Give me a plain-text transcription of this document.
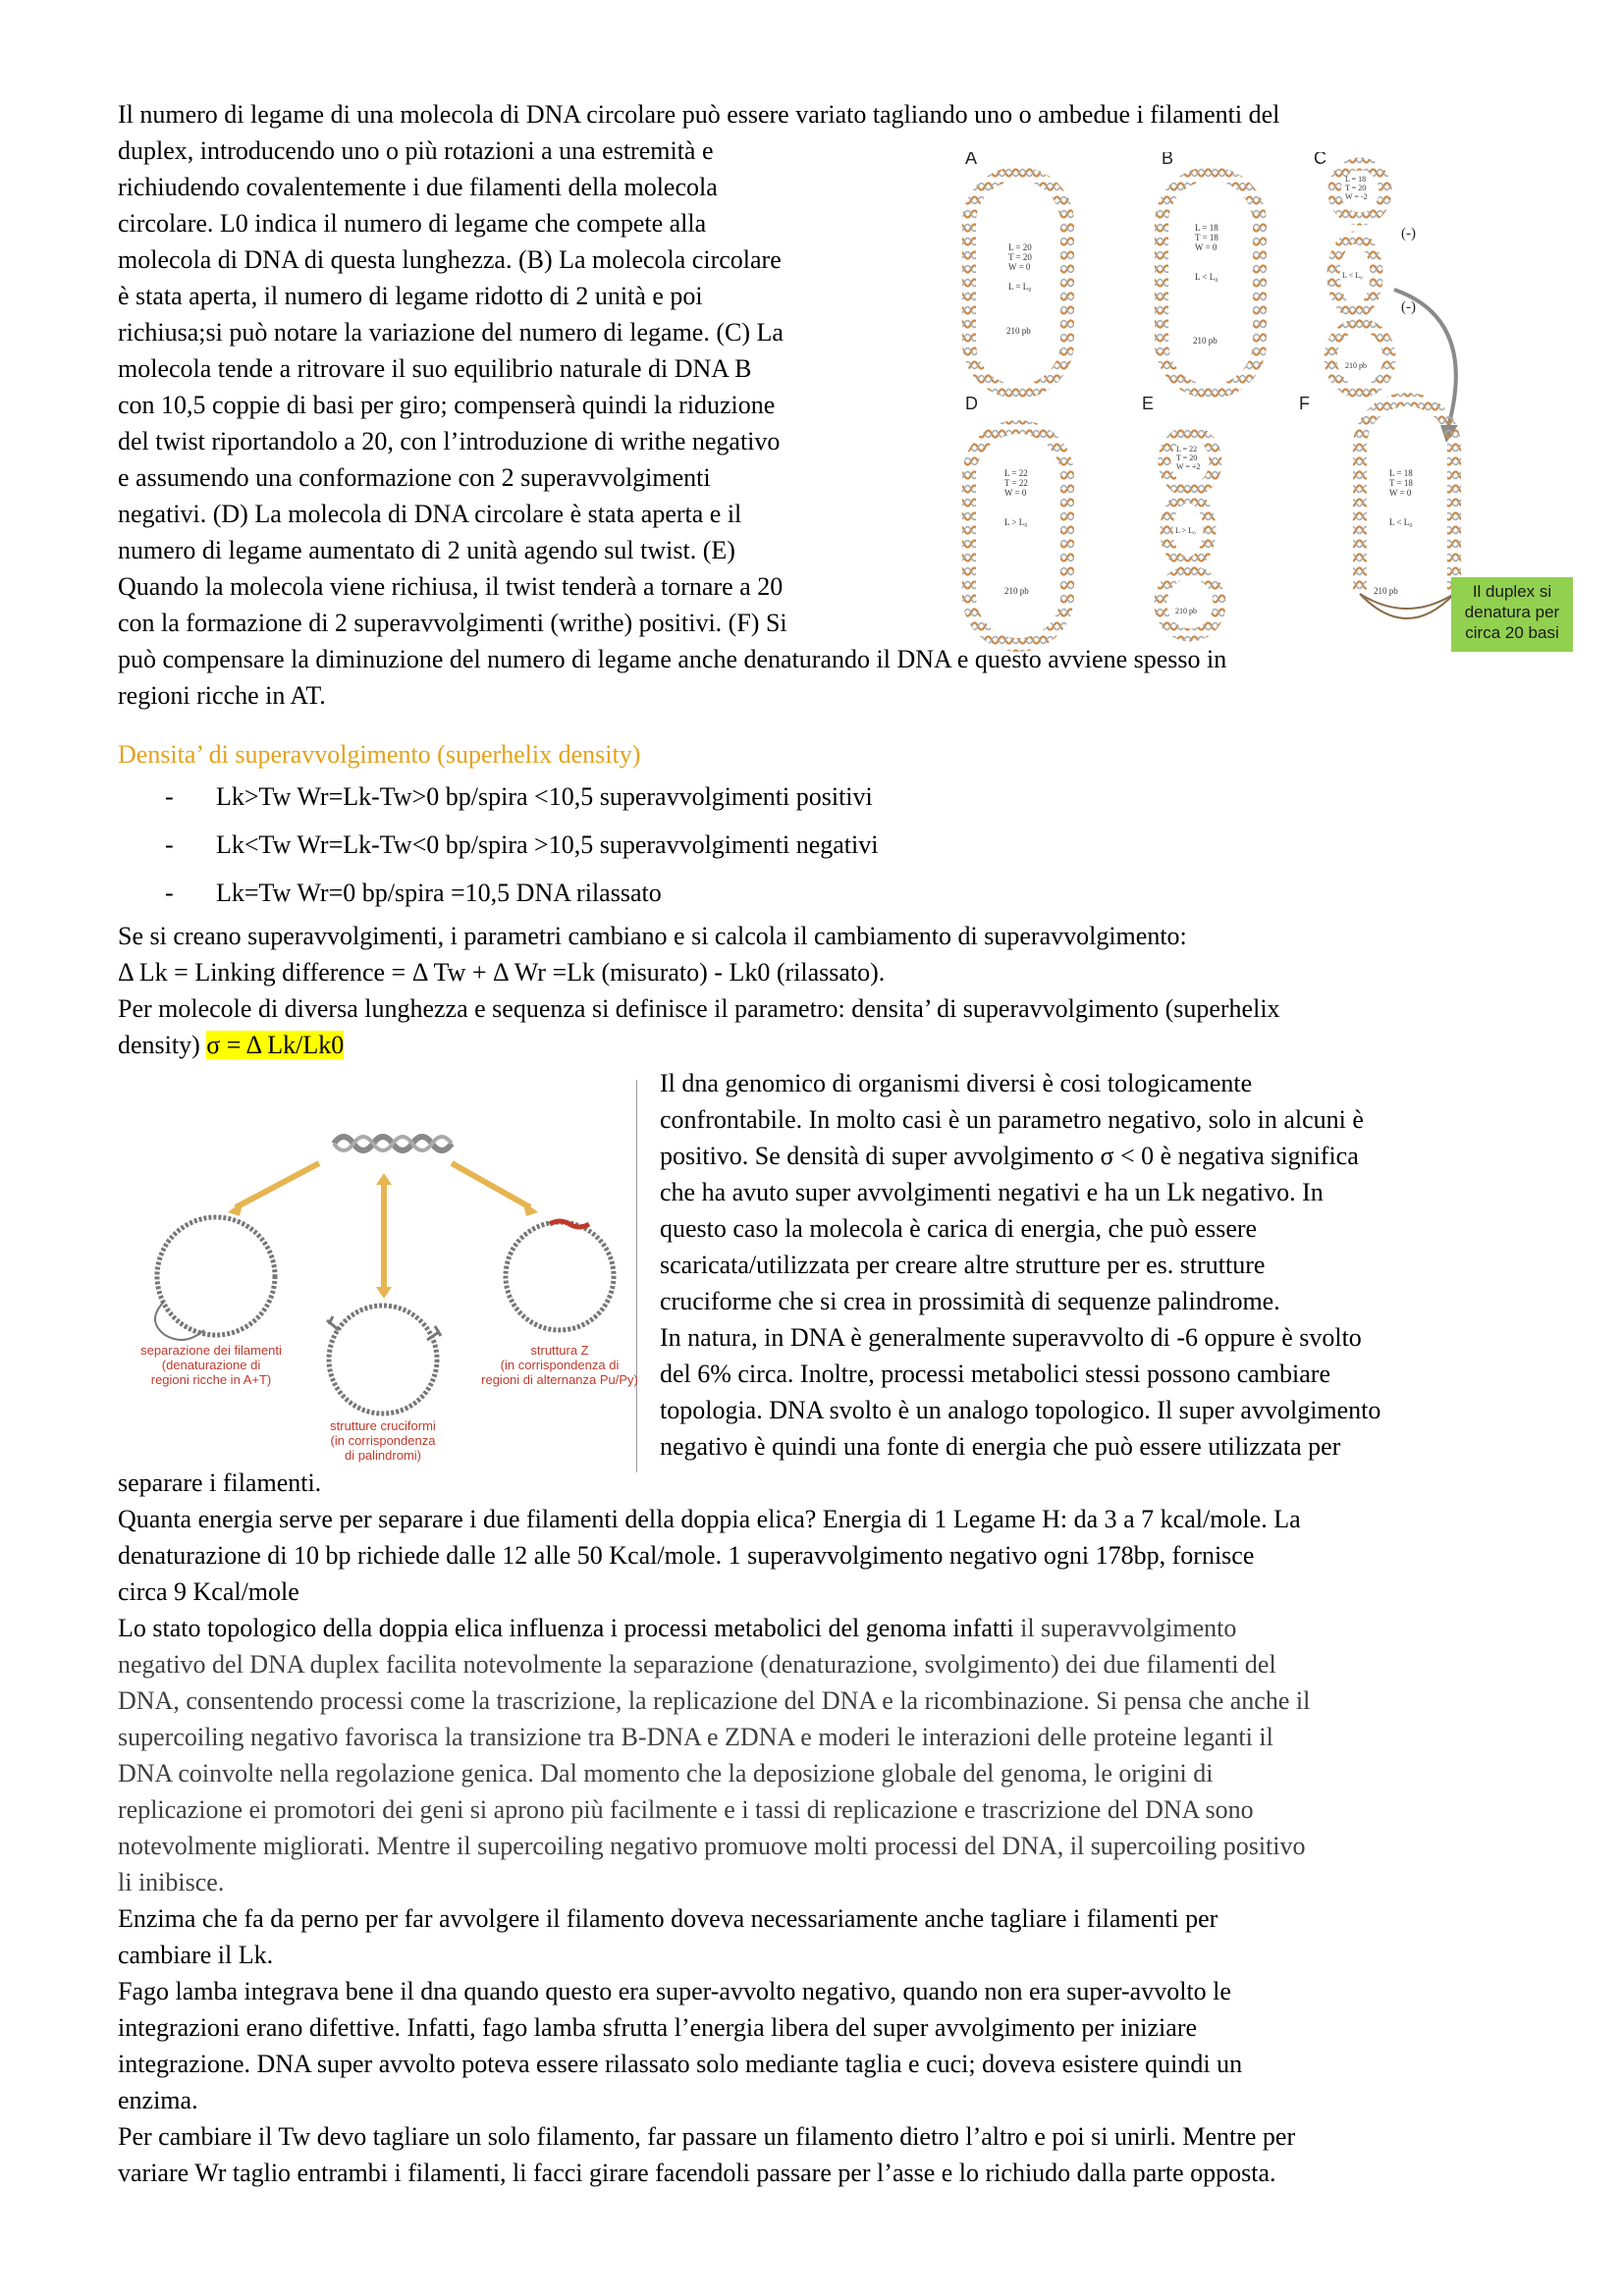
Il numero di legame di una molecola di DNA circolare può essere variato tagliando uno o ambedue i filamenti del
duplex, introducendo uno o più rotazioni a una estremità e
richiudendo covalentemente i due filamenti della molecola
circolare. L0 indica il numero di legame che compete alla
molecola di DNA di questa lunghezza. (B) La molecola circolare
è stata aperta, il numero di legame ridotto di 2 unità e poi
richiusa;si può notare la variazione del numero di legame. (C) La
molecola tende a ritrovare il suo equilibrio naturale di DNA B
con 10,5 coppie di basi per giro; compenserà quindi la riduzione
del twist riportandolo a 20, con l’introduzione di writhe negativo
e assumendo una conformazione con 2 superavvolgimenti
negativi. (D) La molecola di DNA circolare è stata aperta e il
numero di legame aumentato di 2 unità agendo sul twist. (E)
Quando la molecola viene richiusa, il twist tenderà a tornare a 20
con la formazione di 2 superavvolgimenti (writhe) positivi. (F) Si
può compensare la diminuzione del numero di legame anche denaturando il DNA e questo avviene spesso in
regioni ricche in AT.
A	B	C
D	E	F
L = 20
T = 20
W = 0
L = L₀
210 pb
L = 18
T = 18
W = 0
L < L₀
210 pb
L = 18
T = 20
W = -2
L < L₀
210 pb
(-)
(-)
L = 22
T = 22
W = 0
L > L₀
210 pb
L = 22
T = 20
W = +2
L > L₀
210 pb
L = 18
T = 18
W = 0
L < L₀
210 pb	Il duplex si
denatura per
circa 20 basi
Densita’ di superavvolgimento (superhelix density)
- Lk>Tw Wr=Lk-Tw>0 bp/spira <10,5 superavvolgimenti positivi
- Lk<Tw Wr=Lk-Tw<0 bp/spira >10,5 superavvolgimenti negativi
- Lk=Tw Wr=0 bp/spira =10,5 DNA rilassato
Se si creano superavvolgimenti, i parametri cambiano e si calcola il cambiamento di superavvolgimento:
Δ Lk = Linking difference = Δ Tw + Δ Wr =Lk (misurato) - Lk0 (rilassato).
Per molecole di diversa lunghezza e sequenza si definisce il parametro: densita’ di superavvolgimento (superhelix
density) σ = Δ Lk/Lk0
separazione dei filamenti
(denaturazione di
regioni ricche in A+T)
struttura Z
(in corrispondenza di
regioni di alternanza Pu/Py)
strutture cruciformi
(in corrispondenza
di palindromi)
Il dna genomico di organismi diversi è cosi tologicamente
confrontabile. In molto casi è un parametro negativo, solo in alcuni è
positivo. Se densità di super avvolgimento σ < 0 è negativa significa
che ha avuto super avvolgimenti negativi e ha un Lk negativo. In
questo caso la molecola è carica di energia, che può essere
scaricata/utilizzata per creare altre strutture per es. strutture
cruciforme che si crea in prossimità di sequenze palindrome.
In natura, in DNA è generalmente superavvolto di -6 oppure è svolto
del 6% circa. Inoltre, processi metabolici stessi possono cambiare
topologia. DNA svolto è un analogo topologico. Il super avvolgimento
negativo è quindi una fonte di energia che può essere utilizzata per
separare i filamenti.
Quanta energia serve per separare i due filamenti della doppia elica? Energia di 1 Legame H: da 3 a 7 kcal/mole. La
denaturazione di 10 bp richiede dalle 12 alle 50 Kcal/mole. 1 superavvolgimento negativo ogni 178bp, fornisce
circa 9 Kcal/mole
Lo stato topologico della doppia elica influenza i processi metabolici del genoma infatti il superavvolgimento
negativo del DNA duplex facilita notevolmente la separazione (denaturazione, svolgimento) dei due filamenti del
DNA, consentendo processi come la trascrizione, la replicazione del DNA e la ricombinazione. Si pensa che anche il
supercoiling negativo favorisca la transizione tra B-DNA e ZDNA e moderi le interazioni delle proteine leganti il
DNA coinvolte nella regolazione genica. Dal momento che la deposizione globale del genoma, le origini di
replicazione ei promotori dei geni si aprono più facilmente e i tassi di replicazione e trascrizione del DNA sono
notevolmente migliorati. Mentre il supercoiling negativo promuove molti processi del DNA, il supercoiling positivo
li inibisce.
Enzima che fa da perno per far avvolgere il filamento doveva necessariamente anche tagliare i filamenti per
cambiare il Lk.
Fago lamba integrava bene il dna quando questo era super-avvolto negativo, quando non era super-avvolto le
integrazioni erano difettive. Infatti, fago lamba sfrutta l’energia libera del super avvolgimento per iniziare
integrazione. DNA super avvolto poteva essere rilassato solo mediante taglia e cuci; doveva esistere quindi un
enzima.
Per cambiare il Tw devo tagliare un solo filamento, far passare un filamento dietro l’altro e poi si unirli. Mentre per
variare Wr taglio entrambi i filamenti, li facci girare facendoli passare per l’asse e lo richiudo dalla parte opposta.
